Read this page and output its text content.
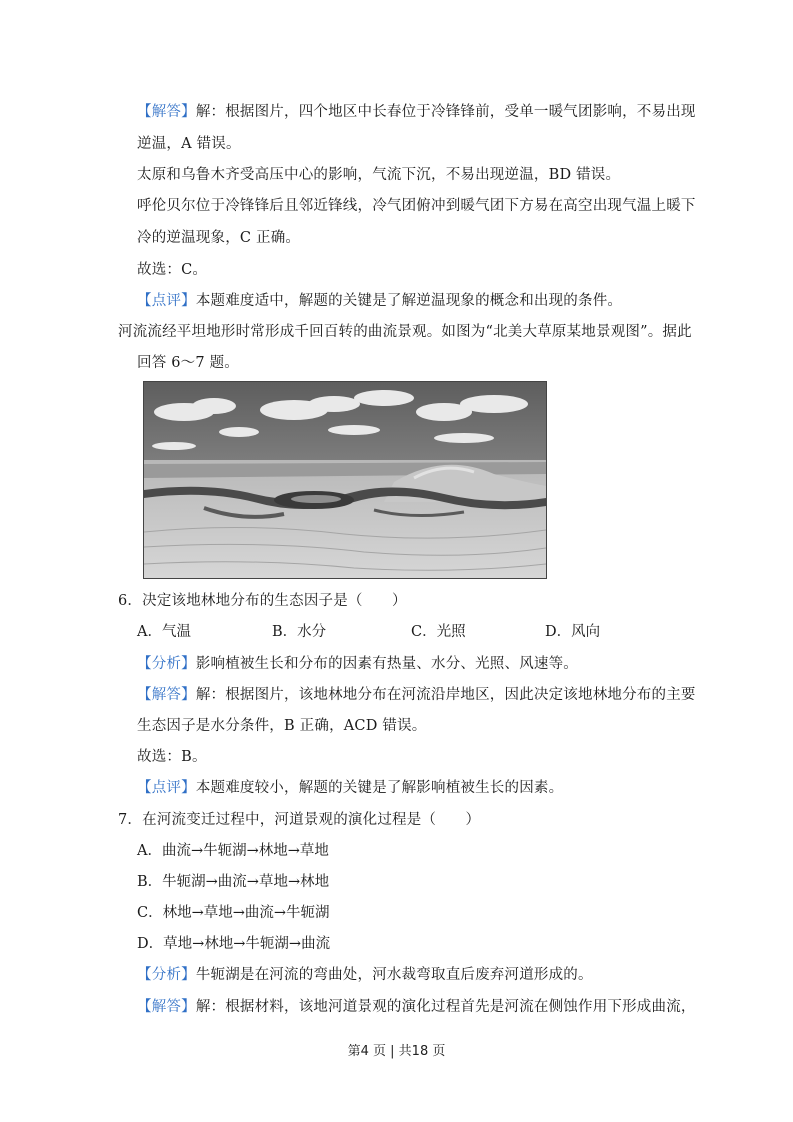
【解答】解：根据图片，四个地区中长春位于冷锋锋前，受单一暖气团影响，不易出现
逆温，A 错误。
太原和乌鲁木齐受高压中心的影响，气流下沉，不易出现逆温，BD 错误。
呼伦贝尔位于冷锋锋后且邻近锋线，冷气团俯冲到暖气团下方易在高空出现气温上暖下
冷的逆温现象，C 正确。
故选：C。
【点评】本题难度适中，解题的关键是了解逆温现象的概念和出现的条件。
河流流经平坦地形时常形成千回百转的曲流景观。如图为“北美大草原某地景观图”。据此
回答 6～7 题。
6．决定该地林地分布的生态因子是（　　）
A．气温	B．水分	C．光照	D．风向
【分析】影响植被生长和分布的因素有热量、水分、光照、风速等。
【解答】解：根据图片，该地林地分布在河流沿岸地区，因此决定该地林地分布的主要
生态因子是水分条件，B 正确，ACD 错误。
故选：B。
【点评】本题难度较小，解题的关键是了解影响植被生长的因素。
7．在河流变迁过程中，河道景观的演化过程是（　　）
A．曲流→牛轭湖→林地→草地
B．牛轭湖→曲流→草地→林地
C．林地→草地→曲流→牛轭湖
D．草地→林地→牛轭湖→曲流
【分析】牛轭湖是在河流的弯曲处，河水裁弯取直后废弃河道形成的。
【解答】解：根据材料，该地河道景观的演化过程首先是河流在侧蚀作用下形成曲流，
第4 页 | 共18 页
